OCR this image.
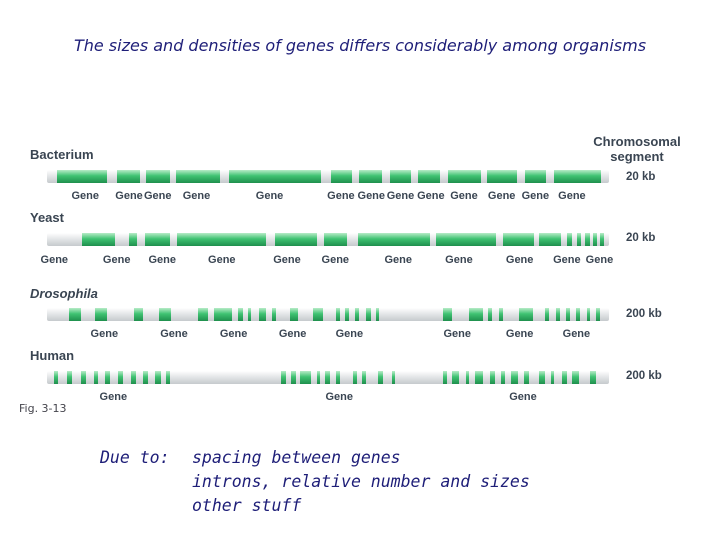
The sizes and densities of genes differs considerably among organisms
Chromosomal
segment
Bacterium
20 kb
Gene Gene Gene Gene	Gene	Gene Gene Gene Gene Gene Gene Gene Gene
Yeast
20 kb
Gene	Gene Gene	Gene	Gene Gene	Gene	Gene	Gene Gene Gene
Drosophila
200 kb
Gene	Gene	Gene	Gene	Gene	Gene	Gene	Gene
Human
200 kb
Gene	Gene	Gene
Fig. 3-13
Due to: spacing between genes
introns, relative number and sizes
other stuff
